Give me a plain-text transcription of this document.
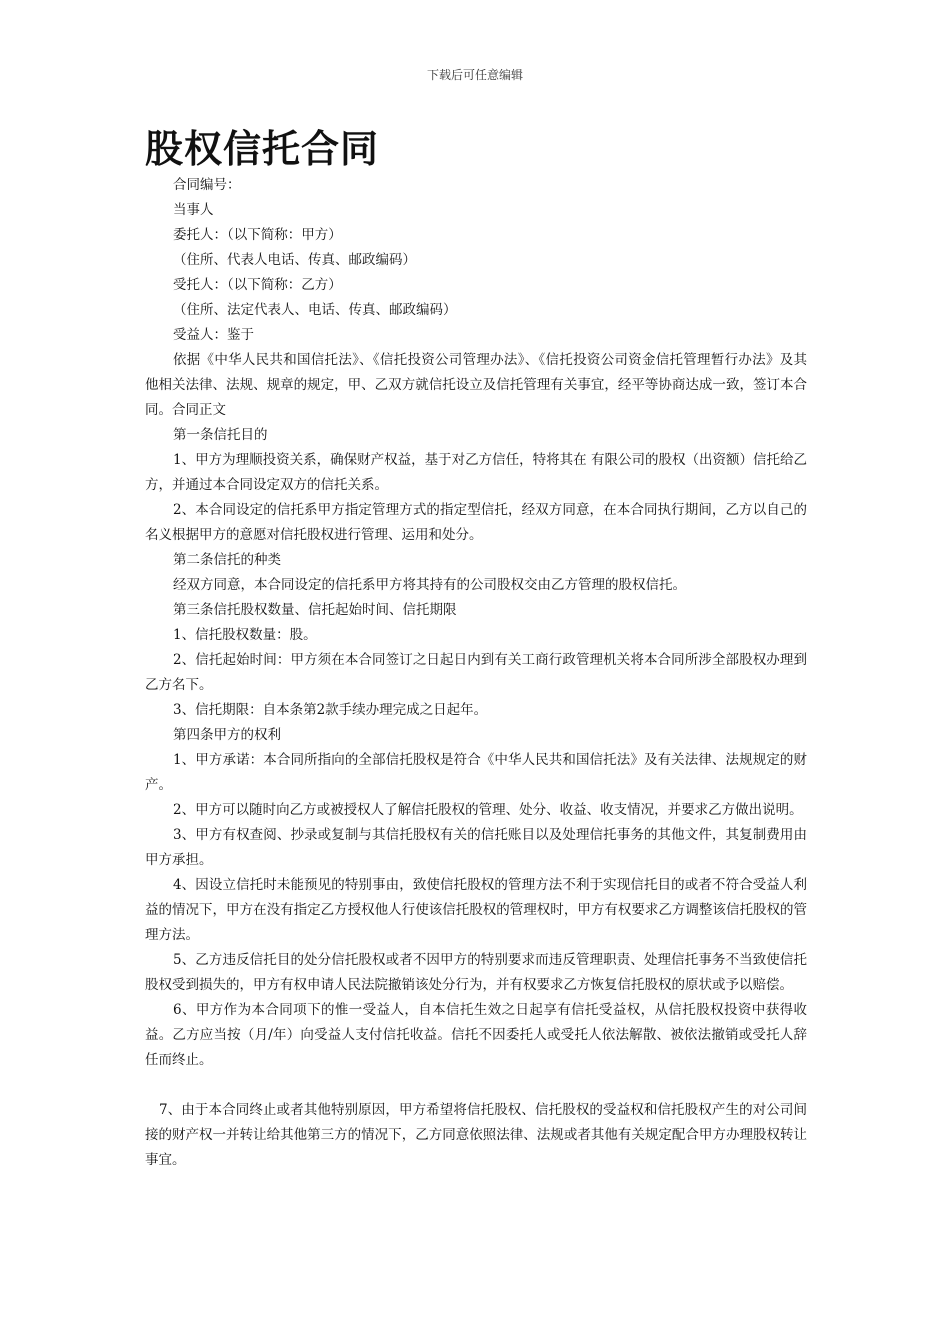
下载后可任意编辑
股权信托合同

合同编号：

当事人

委托人：（以下简称：甲方）

（住所、代表人电话、传真、邮政编码）

受托人：（以下简称：乙方）

（住所、法定代表人、电话、传真、邮政编码）

受益人：鉴于

依据《中华人民共和国信托法》、《信托投资公司管理办法》、《信托投资公司资金信托管理暂行办法》及其他相关法律、法规、规章的规定，甲、乙双方就信托设立及信托管理有关事宜，经平等协商达成一致，签订本合同。合同正文

第一条信托目的

1、甲方为理顺投资关系，确保财产权益，基于对乙方信任，特将其在 有限公司的股权（出资额）信托给乙方，并通过本合同设定双方的信托关系。

2、本合同设定的信托系甲方指定管理方式的指定型信托，经双方同意，在本合同执行期间，乙方以自己的名义根据甲方的意愿对信托股权进行管理、运用和处分。

第二条信托的种类

经双方同意，本合同设定的信托系甲方将其持有的公司股权交由乙方管理的股权信托。

第三条信托股权数量、信托起始时间、信托期限

1、信托股权数量：股。

2、信托起始时间：甲方须在本合同签订之日起日内到有关工商行政管理机关将本合同所涉全部股权办理到乙方名下。

3、信托期限：自本条第2款手续办理完成之日起年。

第四条甲方的权利

1、甲方承诺：本合同所指向的全部信托股权是符合《中华人民共和国信托法》及有关法律、法规规定的财产。

2、甲方可以随时向乙方或被授权人了解信托股权的管理、处分、收益、收支情况，并要求乙方做出说明。

3、甲方有权查阅、抄录或复制与其信托股权有关的信托账目以及处理信托事务的其他文件，其复制费用由甲方承担。

4、因设立信托时未能预见的特别事由，致使信托股权的管理方法不利于实现信托目的或者不符合受益人利益的情况下，甲方在没有指定乙方授权他人行使该信托股权的管理权时，甲方有权要求乙方调整该信托股权的管理方法。

5、乙方违反信托目的处分信托股权或者不因甲方的特别要求而违反管理职责、处理信托事务不当致使信托股权受到损失的，甲方有权申请人民法院撤销该处分行为，并有权要求乙方恢复信托股权的原状或予以赔偿。

6、甲方作为本合同项下的惟一受益人，自本信托生效之日起享有信托受益权，从信托股权投资中获得收益。乙方应当按（月/年）向受益人支付信托收益。信托不因委托人或受托人依法解散、被依法撤销或受托人辞任而终止。

7、由于本合同终止或者其他特别原因，甲方希望将信托股权、信托股权的受益权和信托股权产生的对公司间接的财产权一并转让给其他第三方的情况下，乙方同意依照法律、法规或者其他有关规定配合甲方办理股权转让事宜。
